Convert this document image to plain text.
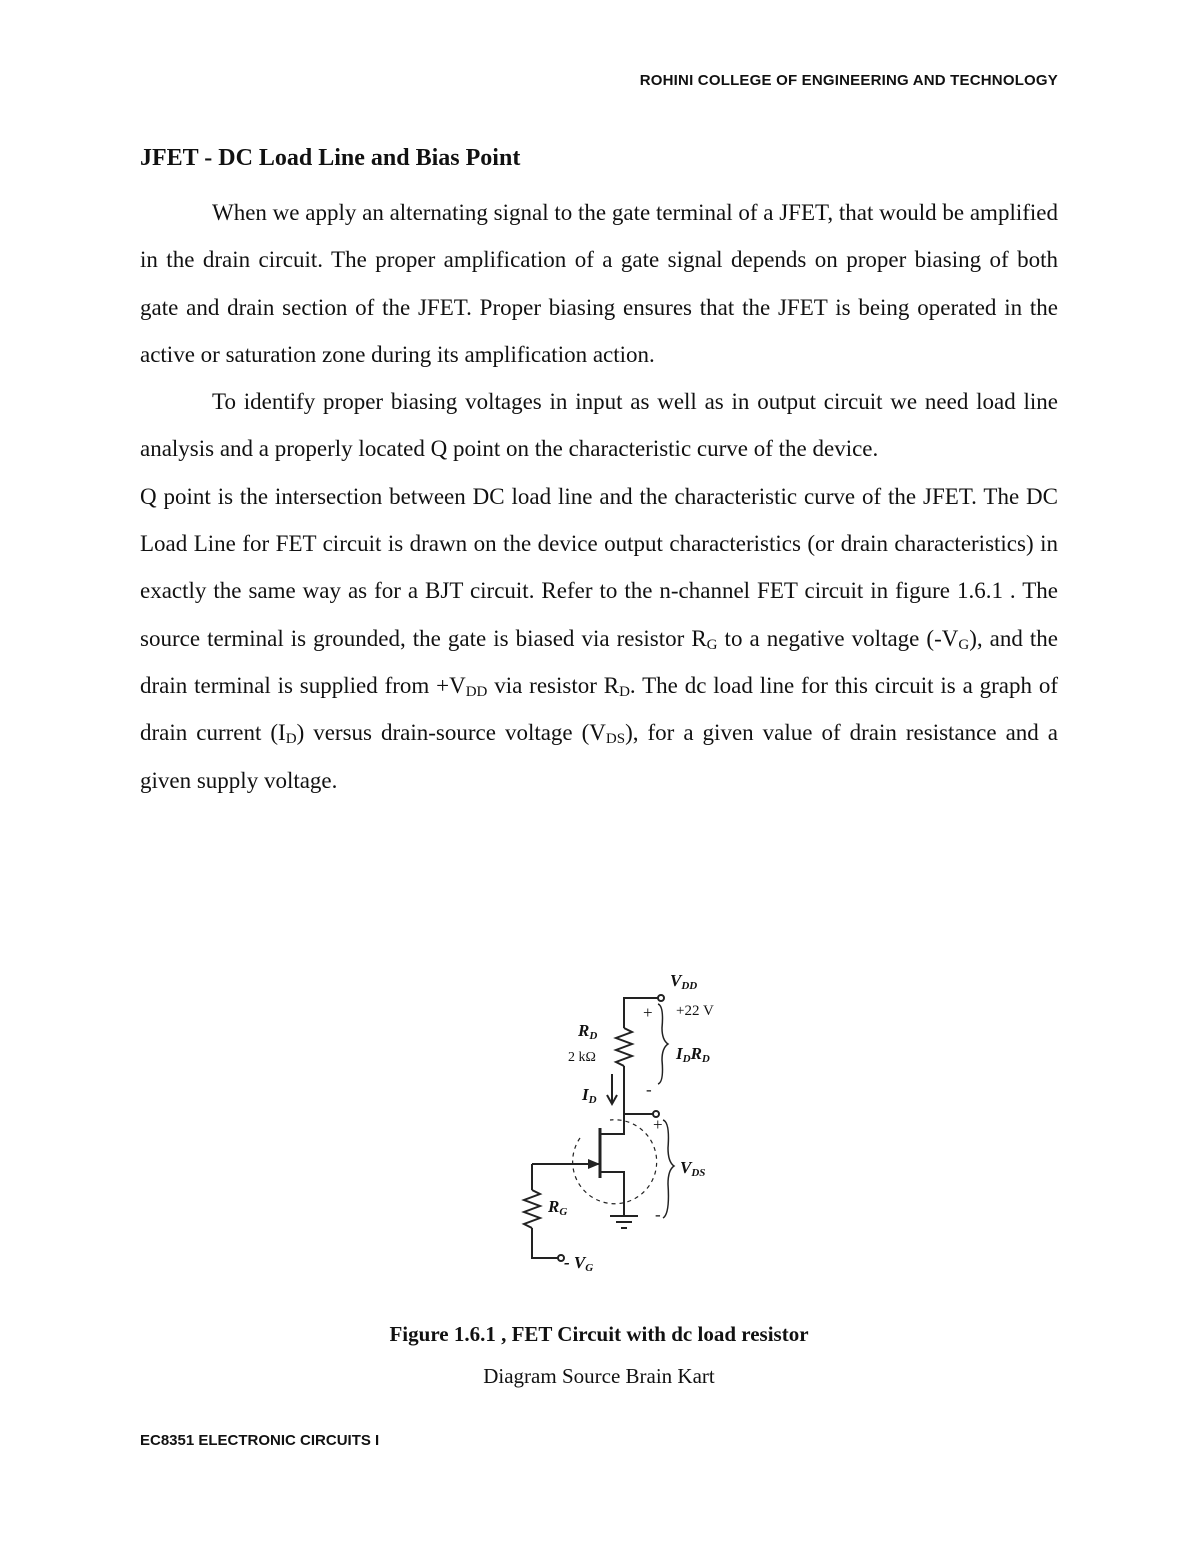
ROHINI COLLEGE OF ENGINEERING AND TECHNOLOGY
JFET - DC Load Line and Bias Point

When we apply an alternating signal to the gate terminal of a JFET, that would be amplified in the drain circuit. The proper amplification of a gate signal depends on proper biasing of both gate and drain section of the JFET. Proper biasing ensures that the JFET is being operated in the active or saturation zone during its amplification action.

To identify proper biasing voltages in input as well as in output circuit we need load line analysis and a properly located Q point on the characteristic curve of the device.

Q point is the intersection between DC load line and the characteristic curve of the JFET. The DC Load Line for FET circuit is drawn on the device output characteristics (or drain characteristics) in exactly the same way as for a BJT circuit. Refer to the n-channel FET circuit in figure 1.6.1 . The source terminal is grounded, the gate is biased via resistor $R_G$ to a negative voltage $(-V_G)$, and the drain terminal is supplied from $+V_{DD}$ via resistor $R_D$. The dc load line for this circuit is a graph of drain current $(I_D)$ versus drain-source voltage $(V_{DS})$, for a given value of drain resistance and a given supply voltage.

VDD
+22 V
+
RD
2 kΩ	IDRD
ID
-
+
VDS
-
RG
- VG
Figure 1.6.1 , FET Circuit with dc load resistor
Diagram Source Brain Kart
EC8351 ELECTRONIC CIRCUITS I
